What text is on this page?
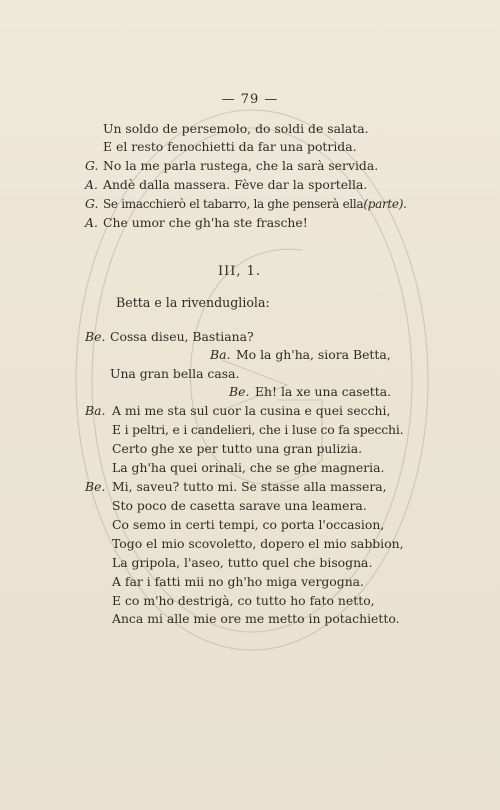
— 79 —
Un soldo de persemolo, do soldi de salata.
E el resto fenochietti da far una potrida.
G. No la me parla rustega, che la sarà servida.
A. Andè dalla massera. Fève dar la sportella.
G. Se imacchierò el tabarro, la ghe penserà ella(parte).
A. Che umor che gh'ha ste frasche!
III, 1.
Betta e la rivendugliola:
Be. Cossa diseu, Bastiana?
Ba. Mo la gh'ha, siora Betta,
Una gran bella casa.
Be. Eh! la xe una casetta.
Ba. A mi me sta sul cuor la cusina e quei secchi,
E i peltri, e i candelieri, che i luse co fa specchi.
Certo ghe xe per tutto una gran pulizia.
La gh'ha quei orinali, che se ghe magneria.
Be. Mi, saveu? tutto mi. Se stasse alla massera,
Sto poco de casetta sarave una leamera.
Co semo in certi tempi, co porta l'occasion,
Togo el mio scovoletto, dopero el mio sabbion,
La gripola, l'aseo, tutto quel che bisogna.
A far i fatti mii no gh'ho miga vergogna.
E co m'ho destrigà, co tutto ho fato netto,
Anca mi alle mie ore me metto in potachietto.
